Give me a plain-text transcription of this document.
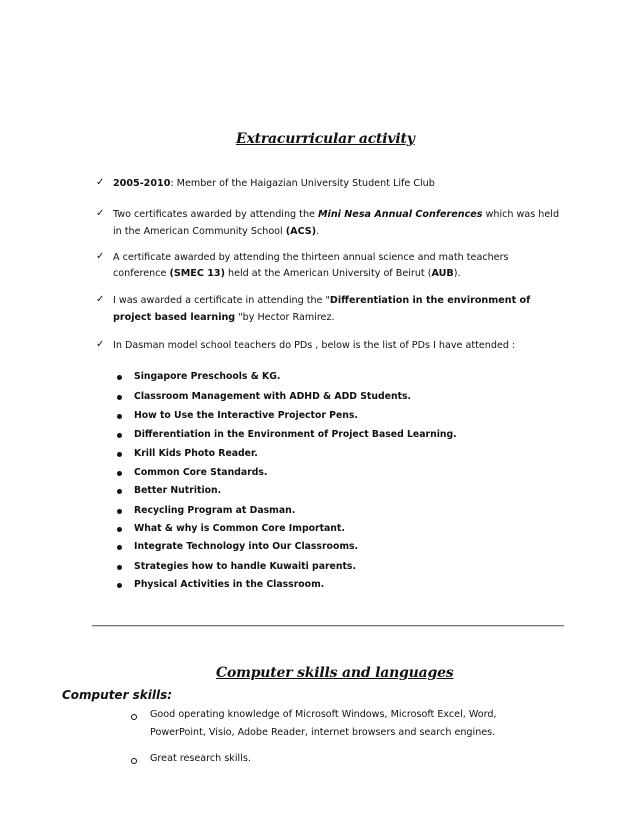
Extracurricular activity
✓ 2005-2010: Member of the Haigazian University Student Life Club
✓ Two certificates awarded by attending the Mini Nesa Annual Conferences which was held
in the American Community School (ACS).
✓ A certificate awarded by attending the thirteen annual science and math teachers
conference (SMEC 13) held at the American University of Beirut (AUB).
✓ I was awarded a certificate in attending the "Differentiation in the environment of
project based learning "by Hector Ramirez.
✓ In Dasman model school teachers do PDs , below is the list of PDs I have attended :
Singapore Preschools & KG.
Classroom Management with ADHD & ADD Students.
How to Use the Interactive Projector Pens.
Differentiation in the Environment of Project Based Learning.
Krill Kids Photo Reader.
Common Core Standards.
Better Nutrition.
Recycling Program at Dasman.
What & why is Common Core Important.
Integrate Technology into Our Classrooms.
Strategies how to handle Kuwaiti parents.
Physical Activities in the Classroom.
Computer skills and languages
Computer skills:
Good operating knowledge of Microsoft Windows, Microsoft Excel, Word,
PowerPoint, Visio, Adobe Reader, internet browsers and search engines.
Great research skills.
